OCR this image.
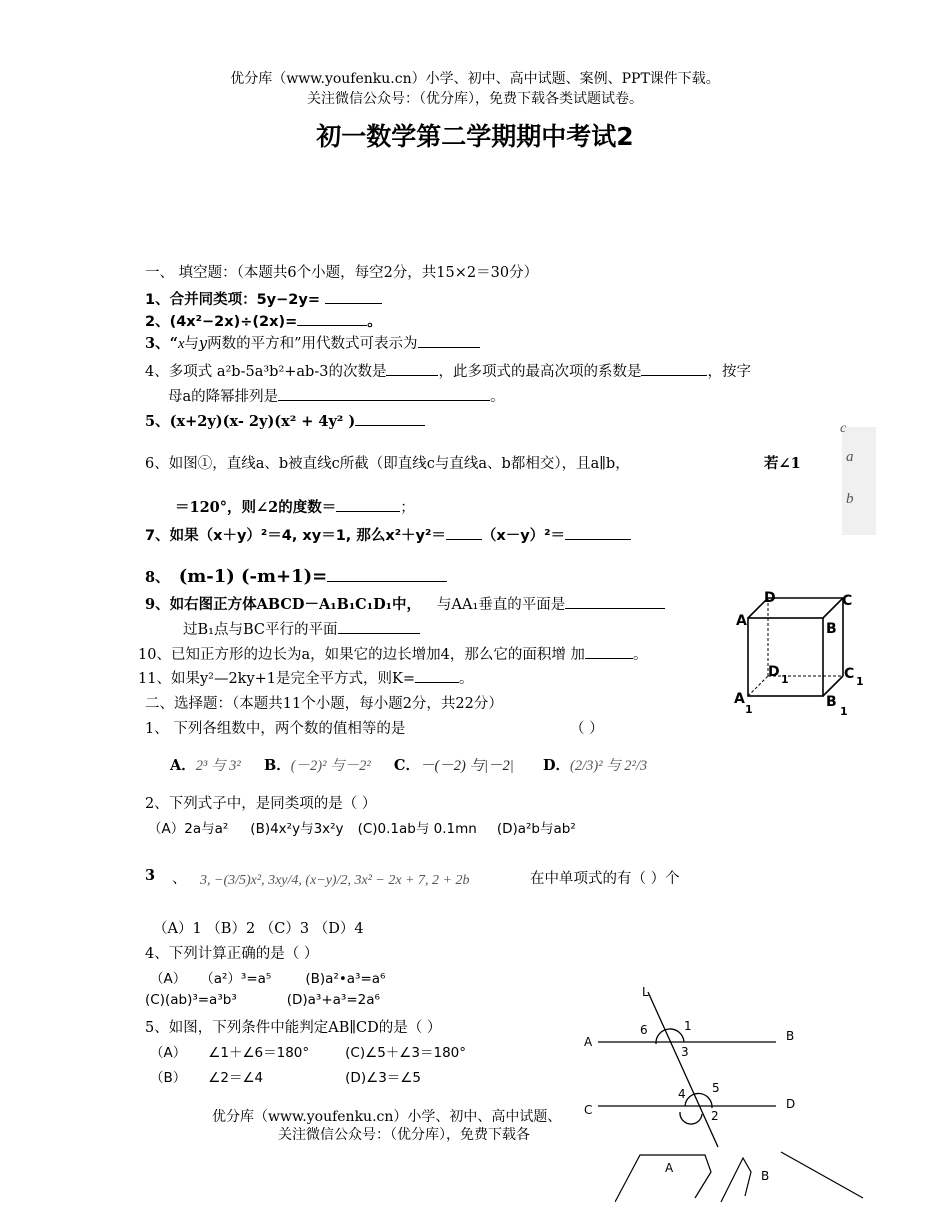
优分库（www.youfenku.cn）小学、初中、高中试题、案例、PPT课件下载。
关注微信公众号：（优分库），免费下载各类试题试卷。
初一数学第二学期期中考试2
一、 填空题：（本题共6个小题，每空2分，共15×2＝30分）
1、合并同类项：5y−2y=
2、(4x²−2x)÷(2x)=	。
3、“x与y两数的平方和”用代数式可表示为
4、多项式 a²b-5a³b²+ab-3的次数是	，此多项式的最高次项的系数是	，按字
母a的降幂排列是	。
5、(x+2y)(x- 2y)(x² + 4y² )
6、如图①，直线a、b被直线c所截（即直线c与直线a、b都相交），且a∥b，	若∠1
＝120°，则∠2的度数＝	；
7、如果（x＋y）²＝4, xy＝1, 那么x²＋y²＝ （x－y）²＝
8、 (m-1) (-m+1)=
9、如右图正方体ABCD－A₁B₁C₁D₁中， 与AA₁垂直的平面是
过B₁点与BC平行的平面
10、已知正方形的边长为a，如果它的边长增加4，那么它的面积增 加	。
11、如果y²—2ky+1是完全平方式，则K=	。
二、选择题：（本题共11个小题，每小题2分，共22分）
1、 下列各组数中，两个数的值相等的是	（ ）
A．2³ 与 3² B．(－2)² 与－2² C．－(－2) 与|－2| D．(2/3)² 与 2²/3
2、下列式子中，是同类项的是（ ）
（A）2a与a² (B)4x²y与3x²y (C)0.1ab与 0.1mn (D)a²b与ab²
3 、 3, −(3/5)x², 3xy/4, (x−y)/2, 3x² − 2x + 7, 2 + 2b	在中单项式的有（ ）个
（A）1 （B）2 （C）3 （D）4
4、下列计算正确的是（ ）
（A） （a²）³=a⁵	(B)a²•a³=a⁶
(C)(ab)³=a³b³	(D)a³+a³=2a⁶
5、如图，下列条件中能判定AB∥CD的是（ ）
（A） ∠1＋∠6＝180°	(C)∠5＋∠3＝180°
（B） ∠2＝∠4	(D)∠3＝∠5
优分库（www.youfenku.cn）小学、初中、高中试题、
关注微信公众号：（优分库），免费下载各
c
a
b
D	C
A	B
D 1	C 1
A
1	B
1
L
A	B
C	D
1
6
3
4 5
2
A
B
